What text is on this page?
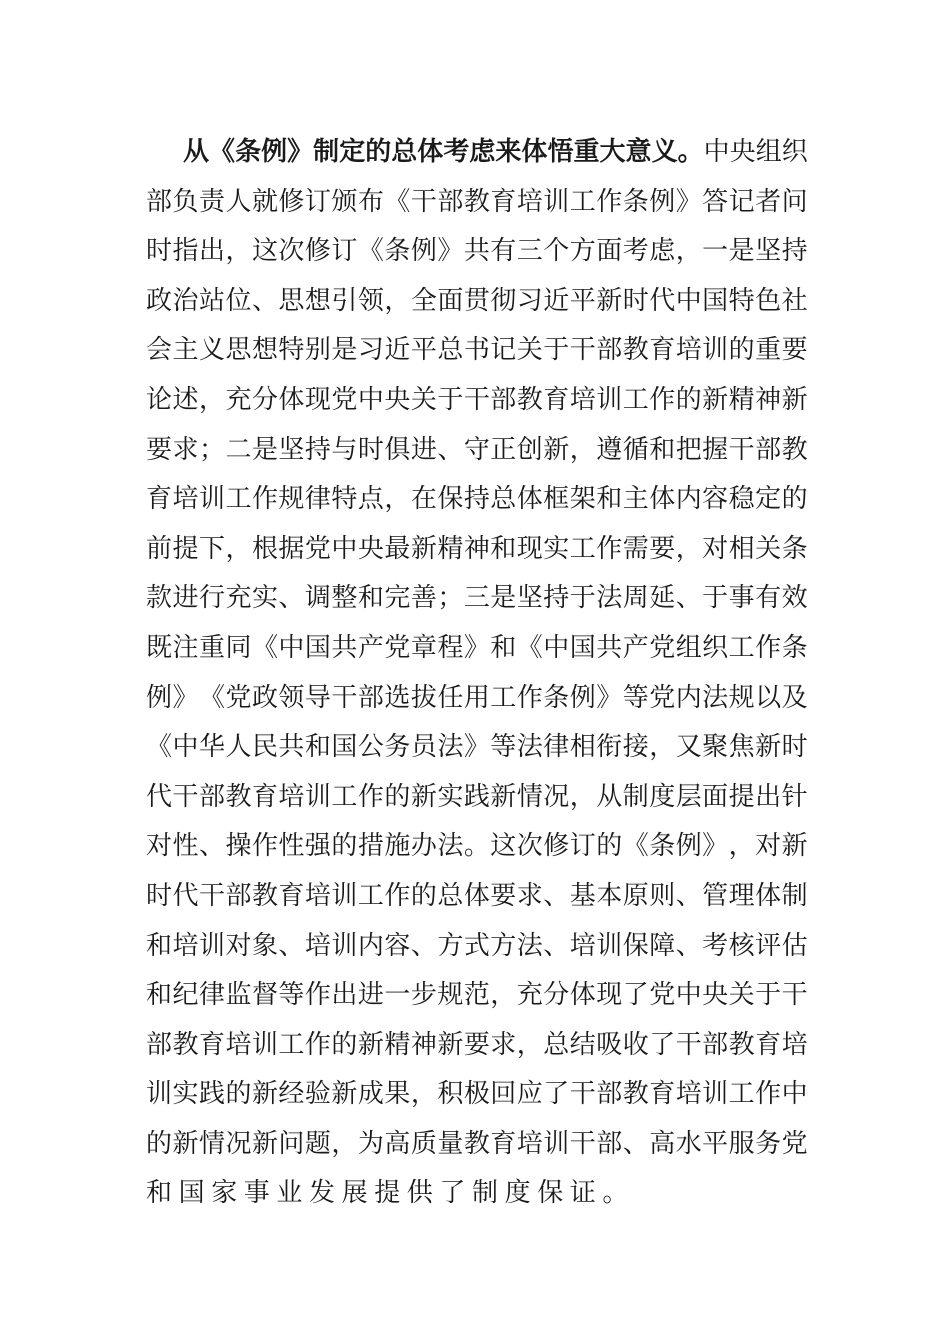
从 《 条 例 》 制 定 的 总 体 考 虑 来 体 悟 重 大 意 义 。 中 央 组 织
部 负 责 人 就 修 订 颁 布 《 干 部 教 育 培 训 工 作 条 例 》 答 记 者 问
时 指 出 ， 这 次 修 订 《 条 例 》 共 有 三 个 方 面 考 虑 ， 一 是 坚 持
政 治 站 位 、 思 想 引 领 ， 全 面 贯 彻 习 近 平 新 时 代 中 国 特 色 社
会 主 义 思 想 特 别 是 习 近 平 总 书 记 关 于 干 部 教 育 培 训 的 重 要
论 述 ， 充 分 体 现 党 中 央 关 于 干 部 教 育 培 训 工 作 的 新 精 神 新
要 求 ； 二 是 坚 持 与 时 俱 进 、 守 正 创 新 ， 遵 循 和 把 握 干 部 教
育 培 训 工 作 规 律 特 点 ， 在 保 持 总 体 框 架 和 主 体 内 容 稳 定 的
前 提 下 ， 根 据 党 中 央 最 新 精 神 和 现 实 工 作 需 要 ， 对 相 关 条
款 进 行 充 实 、 调 整 和 完 善 ； 三 是 坚 持 于 法 周 延 、 于 事 有 效
既 注 重 同 《 中 国 共 产 党 章 程 》 和 《 中 国 共 产 党 组 织 工 作 条
例 》 《 党 政 领 导 干 部 选 拔 任 用 工 作 条 例 》 等 党 内 法 规 以 及
《 中 华 人 民 共 和 国 公 务 员 法 》 等 法 律 相 衔 接 ， 又 聚 焦 新 时
代 干 部 教 育 培 训 工 作 的 新 实 践 新 情 况 ， 从 制 度 层 面 提 出 针
对 性 、 操 作 性 强 的 措 施 办 法 。 这 次 修 订 的 《 条 例 》 ， 对 新
时 代 干 部 教 育 培 训 工 作 的 总 体 要 求 、 基 本 原 则 、 管 理 体 制
和 培 训 对 象 、 培 训 内 容 、 方 式 方 法 、 培 训 保 障 、 考 核 评 估
和 纪 律 监 督 等 作 出 进 一 步 规 范 ， 充 分 体 现 了 党 中 央 关 于 干
部 教 育 培 训 工 作 的 新 精 神 新 要 求 ， 总 结 吸 收 了 干 部 教 育 培
训 实 践 的 新 经 验 新 成 果 ， 积 极 回 应 了 干 部 教 育 培 训 工 作 中
的 新 情 况 新 问 题 ， 为 高 质 量 教 育 培 训 干 部 、 高 水 平 服 务 党
和国家事业发展提供了制度保证。
